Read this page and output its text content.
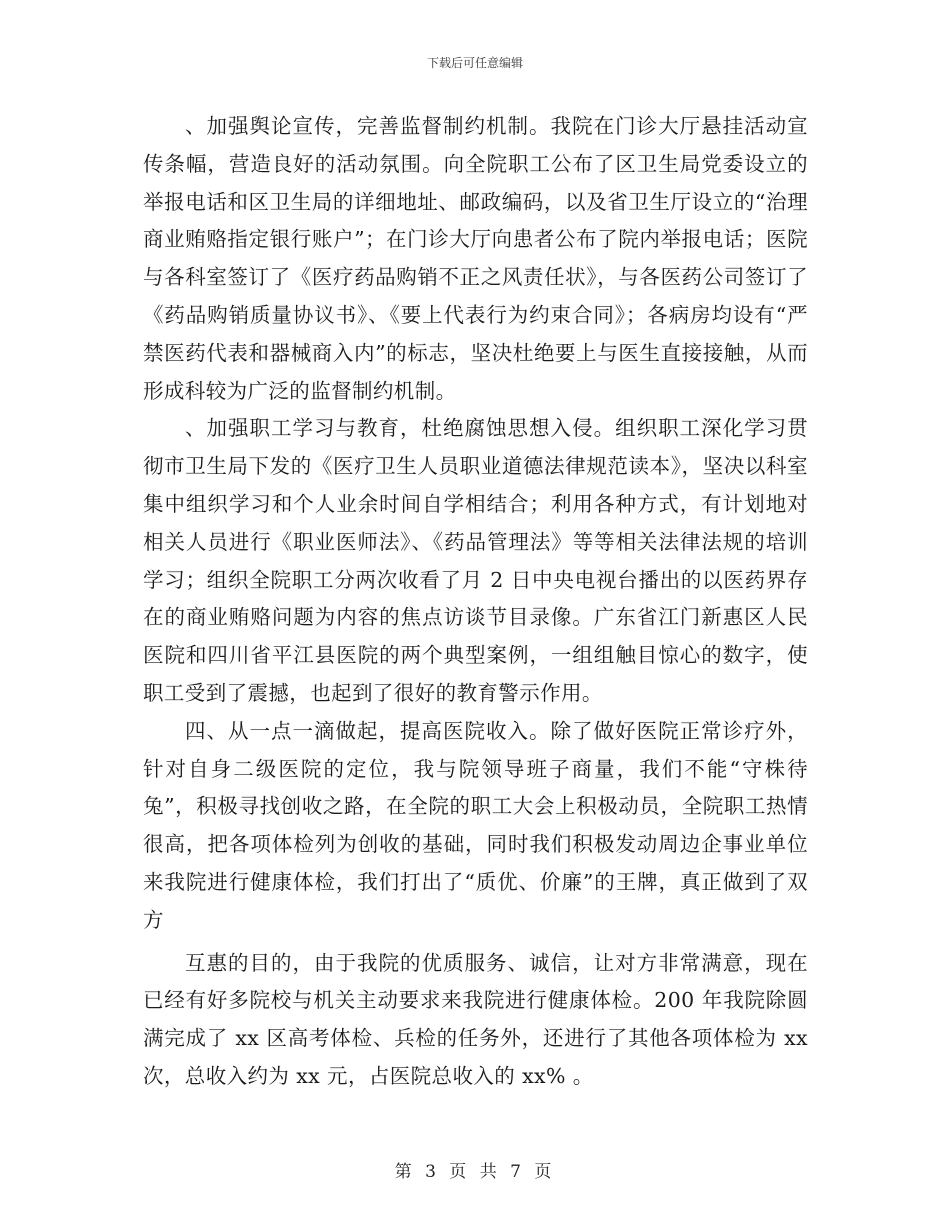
下载后可任意编辑

、加强舆论宣传，完善监督制约机制。我院在门诊大厅悬挂活动宣传条幅，营造良好的活动氛围。向全院职工公布了区卫生局党委设立的举报电话和区卫生局的详细地址、邮政编码，以及省卫生厅设立的“治理商业贿赂指定银行账户”；在门诊大厅向患者公布了院内举报电话；医院与各科室签订了《医疗药品购销不正之风责任状》，与各医药公司签订了《药品购销质量协议书》、《要上代表行为约束合同》；各病房均设有“严禁医药代表和器械商入内”的标志，坚决杜绝要上与医生直接接触，从而形成科较为广泛的监督制约机制。

、加强职工学习与教育，杜绝腐蚀思想入侵。组织职工深化学习贯彻市卫生局下发的《医疗卫生人员职业道德法律规范读本》，坚决以科室集中组织学习和个人业余时间自学相结合；利用各种方式，有计划地对相关人员进行《职业医师法》、《药品管理法》等等相关法律法规的培训学习；组织全院职工分两次收看了月 2 日中央电视台播出的以医药界存在的商业贿赂问题为内容的焦点访谈节目录像。广东省江门新惠区人民医院和四川省平江县医院的两个典型案例，一组组触目惊心的数字，使职工受到了震撼，也起到了很好的教育警示作用。

四、从一点一滴做起，提高医院收入。除了做好医院正常诊疗外，针对自身二级医院的定位，我与院领导班子商量，我们不能“守株待兔”，积极寻找创收之路，在全院的职工大会上积极动员，全院职工热情很高，把各项体检列为创收的基础，同时我们积极发动周边企事业单位来我院进行健康体检，我们打出了“质优、价廉”的王牌，真正做到了双方

互惠的目的，由于我院的优质服务、诚信，让对方非常满意，现在已经有好多院校与机关主动要求来我院进行健康体检。200 年我院除圆满完成了 xx 区高考体检、兵检的任务外，还进行了其他各项体检为 xx 次，总收入约为 xx 元，占医院总收入的 xx% 。

第 3 页 共 7 页
